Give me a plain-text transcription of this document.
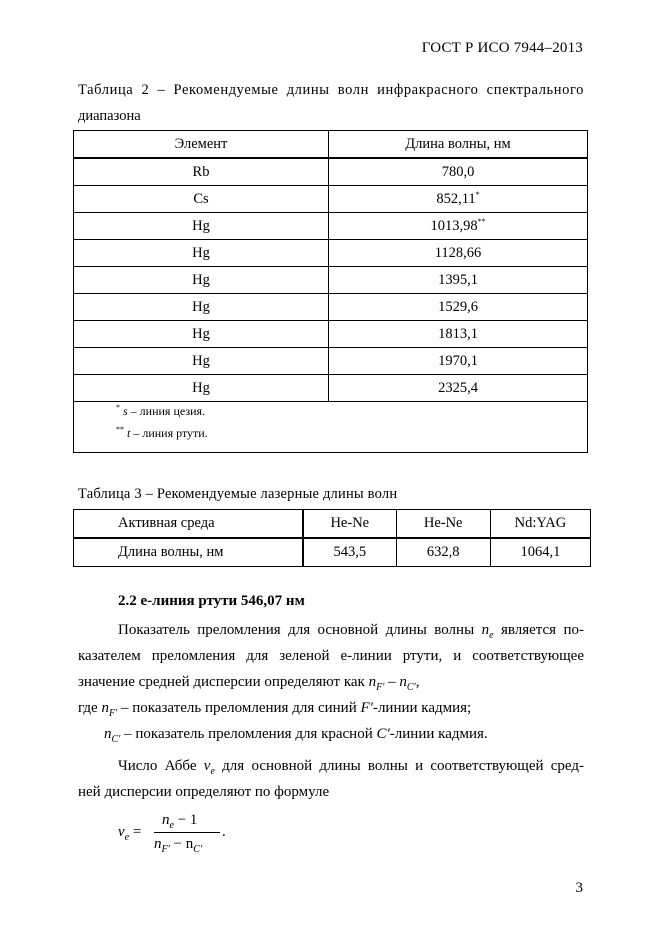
ГОСТ Р ИСО 7944–2013
Таблица 2 – Рекомендуемые длины волн инфракрасного спектрального
диапазона
Элемент	Длина волны, нм
Rb	780,0
Cs	852,11*
Hg	1013,98**
Hg	1128,66
Hg	1395,1
Hg	1529,6
Hg	1813,1
Hg	1970,1
Hg	2325,4

* s – линия цезия.
** t – линия ртути.	
Таблица 3 – Рекомендуемые лазерные длины волн
Активная среда	He-Ne	He-Ne	Nd:YAG
Длина волны, нм	543,5	632,8	1064,1
2.2 е-линия ртути 546,07 нм
Показатель преломления для основной длины волны $n_e$ является по-
казателем преломления для зеленой е-линии ртути, и соответствующее
значение средней дисперсии определяют как $n_{F'} - n_{C'}$,
где $n_{F'}$ – показатель преломления для синий F′-линии кадмия;
$n_{C'}$ – показатель преломления для красной C′-линии кадмия.
Число Аббе $\nu_e$ для основной длины волны и соответствующей сред-
ней дисперсии определяют по формуле
$\nu_e$ =
$n_e - 1$
$n_{F'} - n_{C'}$
.
3
